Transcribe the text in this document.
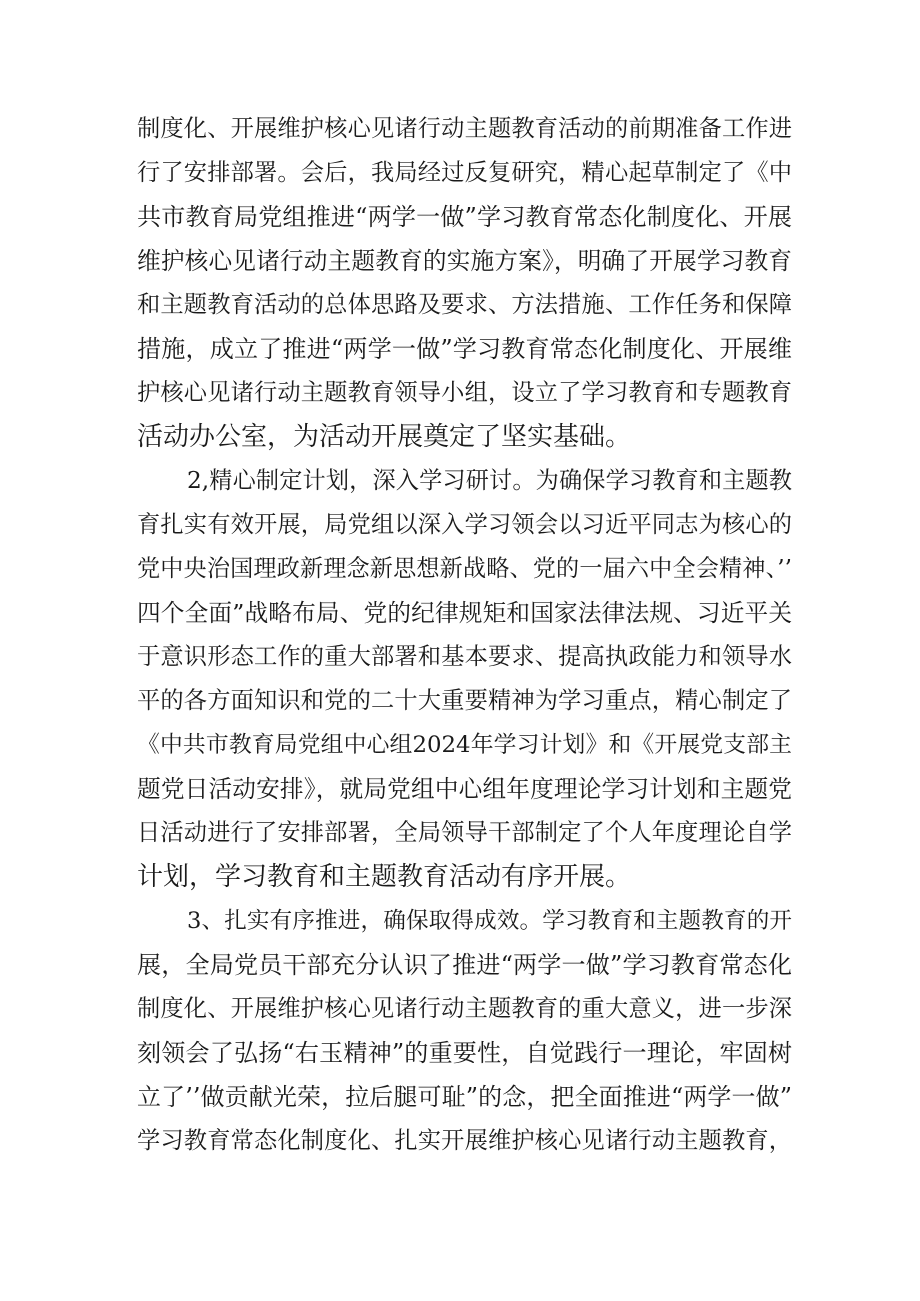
制度化、开展维护核心见诸行动主题教育活动的前期准备工作进
行了安排部署。会后，我局经过反复研究，精心起草制定了《中
共市教育局党组推进“两学一做”学习教育常态化制度化、开展
维护核心见诸行动主题教育的实施方案》，明确了开展学习教育
和主题教育活动的总体思路及要求、方法措施、工作任务和保障
措施，成立了推进“两学一做”学习教育常态化制度化、开展维
护核心见诸行动主题教育领导小组，设立了学习教育和专题教育
活动办公室，为活动开展奠定了坚实基础。
2,精心制定计划，深入学习研讨。为确保学习教育和主题教
育扎实有效开展，局党组以深入学习领会以习近平同志为核心的
党中央治国理政新理念新思想新战略、党的一届六中全会精神、’’
四个全面”战略布局、党的纪律规矩和国家法律法规、习近平关
于意识形态工作的重大部署和基本要求、提高执政能力和领导水
平的各方面知识和党的二十大重要精神为学习重点，精心制定了
《中共市教育局党组中心组2024年学习计划》和《开展党支部主
题党日活动安排》，就局党组中心组年度理论学习计划和主题党
日活动进行了安排部署，全局领导干部制定了个人年度理论自学
计划，学习教育和主题教育活动有序开展。
3、扎实有序推进，确保取得成效。学习教育和主题教育的开
展，全局党员干部充分认识了推进“两学一做”学习教育常态化
制度化、开展维护核心见诸行动主题教育的重大意义，进一步深
刻领会了弘扬“右玉精神”的重要性，自觉践行一理论，牢固树
立了’’做贡献光荣，拉后腿可耻”的念，把全面推进“两学一做”
学习教育常态化制度化、扎实开展维护核心见诸行动主题教育，
